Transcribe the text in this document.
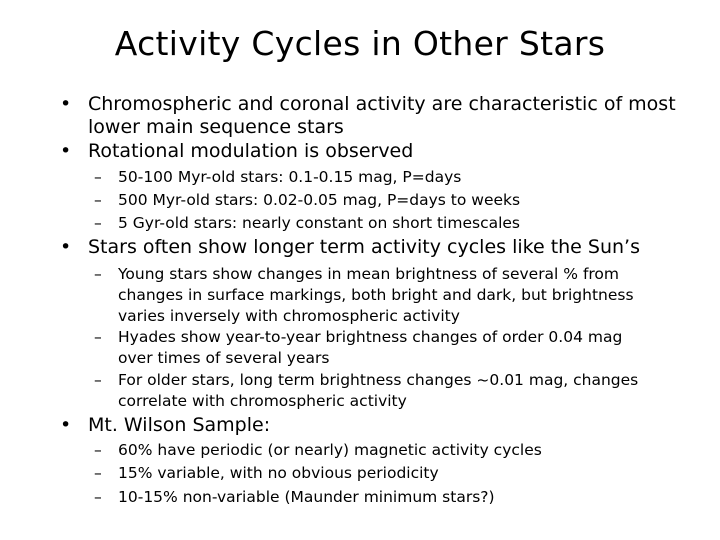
Activity Cycles in Other Stars
• Chromospheric and coronal activity are characteristic of most lower main sequence stars
• Rotational modulation is observed
–	50-100 Myr-old stars: 0.1-0.15 mag, P=days
–	500 Myr-old stars: 0.02-0.05 mag, P=days to weeks
–	5 Gyr-old stars: nearly constant on short timescales
• Stars often show longer term activity cycles like the Sun’s
–	Young stars show changes in mean brightness of several % from changes in surface markings, both bright and dark, but brightness varies inversely with chromospheric activity
–	Hyades show year-to-year brightness changes of order 0.04 mag over times of several years
–	For older stars, long term brightness changes ~0.01 mag, changes correlate with chromospheric activity
• Mt. Wilson Sample:
–	60% have periodic (or nearly) magnetic activity cycles
–	15% variable, with no obvious periodicity
–	10-15% non-variable (Maunder minimum stars?)
